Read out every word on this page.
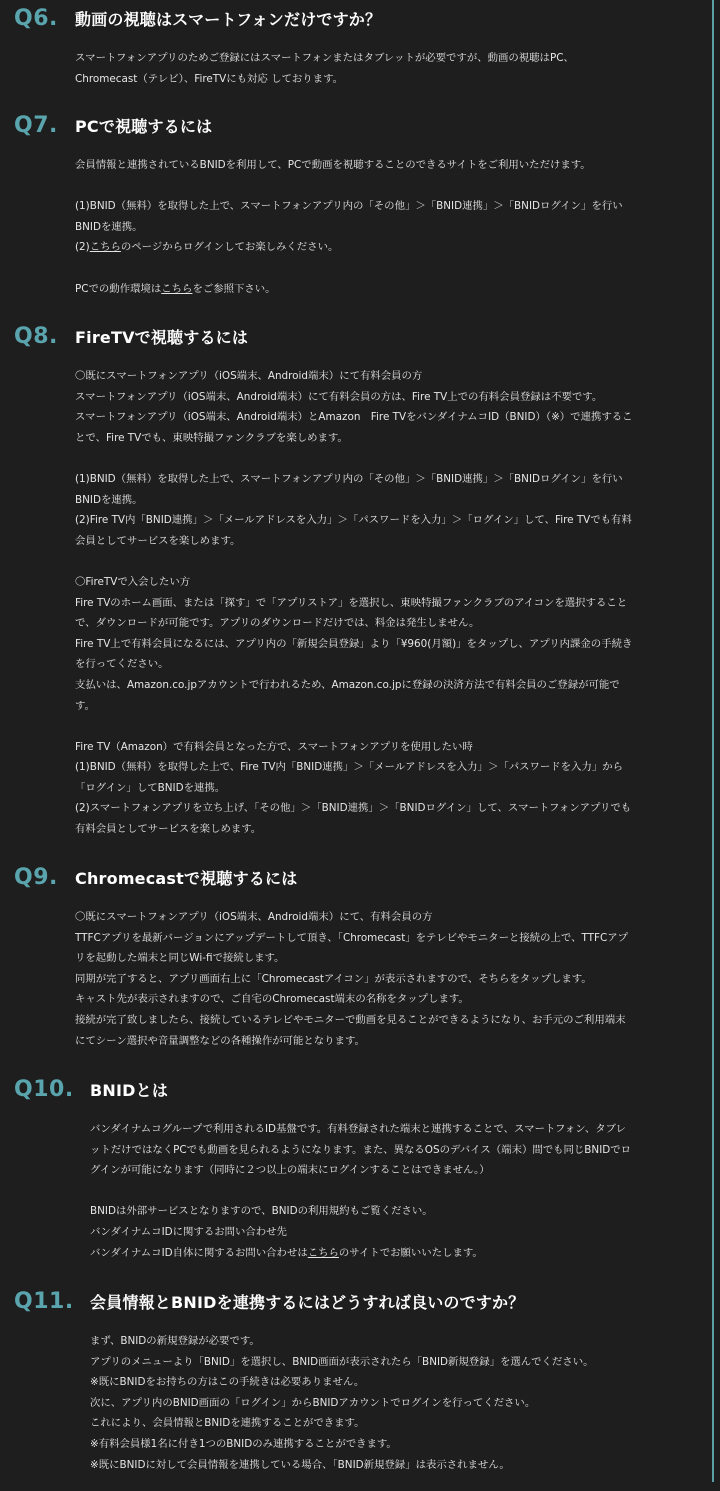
Q6.	動画の視聴はスマートフォンだけですか？

スマートフォンアプリのためご登録にはスマートフォンまたはタブレットが必要ですが、動画の視聴はPC、
Chromecast（テレビ）、FireTVにも対応 しております。

Q7.	PCで視聴するには

会員情報と連携されているBNIDを利用して、PCで動画を視聴することのできるサイトをご利用いただけます。

(1)BNID（無料）を取得した上で、スマートフォンアプリ内の「その他」＞「BNID連携」＞「BNIDログイン」を行い
BNIDを連携。

(2)こちらのページからログインしてお楽しみください。

PCでの動作環境はこちらをご参照下さい。

Q8.	FireTVで視聴するには

〇既にスマートフォンアプリ（iOS端末、Android端末）にて有料会員の方
スマートフォンアプリ（iOS端末、Android端末）にて有料会員の方は、Fire TV上での有料会員登録は不要です。
スマートフォンアプリ（iOS端末、Android端末）とAmazon　Fire TVをバンダイナムコID（BNID）（※）で連携するこ
とで、Fire TVでも、東映特撮ファンクラブを楽しめます。

(1)BNID（無料）を取得した上で、スマートフォンアプリ内の「その他」＞「BNID連携」＞「BNIDログイン」を行い
BNIDを連携。
(2)Fire TV内「BNID連携」＞「メールアドレスを入力」＞「パスワードを入力」＞「ログイン」して、Fire TVでも有料
会員としてサービスを楽しめます。

〇FireTVで入会したい方
Fire TVのホーム画面、または「探す」で「アプリストア」を選択し、東映特撮ファンクラブのアイコンを選択すること
で、ダウンロードが可能です。アプリのダウンロードだけでは、料金は発生しません。
Fire TV上で有料会員になるには、アプリ内の「新規会員登録」より「¥960(月額)」をタップし、アプリ内課金の手続き
を行ってください。
支払いは、Amazon.co.jpアカウントで行われるため、Amazon.co.jpに登録の決済方法で有料会員のご登録が可能で
す。

Fire TV（Amazon）で有料会員となった方で、スマートフォンアプリを使用したい時
(1)BNID（無料）を取得した上で、Fire TV内「BNID連携」＞「メールアドレスを入力」＞「パスワードを入力」から
「ログイン」してBNIDを連携。
(2)スマートフォンアプリを立ち上げ、「その他」＞「BNID連携」＞「BNIDログイン」して、スマートフォンアプリでも
有料会員としてサービスを楽しめます。

Q9.	Chromecastで視聴するには

〇既にスマートフォンアプリ（iOS端末、Android端末）にて、有料会員の方
TTFCアプリを最新バージョンにアップデートして頂き、「Chromecast」をテレビやモニターと接続の上で、TTFCアプ
リを起動した端末と同じWi-fiで接続します。
同期が完了すると、アプリ画面右上に「Chromecastアイコン」が表示されますので、そちらをタップします。
キャスト先が表示されますので、ご自宅のChromecast端末の名称をタップします。
接続が完了致しましたら、接続しているテレビやモニターで動画を見ることができるようになり、お手元のご利用端末
にてシーン選択や音量調整などの各種操作が可能となります。

Q10.	BNIDとは

バンダイナムコグループで利用されるID基盤です。有料登録された端末と連携することで、スマートフォン、タブレ
ットだけではなくPCでも動画を見られるようになります。また、異なるOSのデバイス（端末）間でも同じBNIDでロ
グインが可能になります（同時に２つ以上の端末にログインすることはできません。）

BNIDは外部サービスとなりますので、BNIDの利用規約もご覧ください。
バンダイナムコIDに関するお問い合わせ先

バンダイナムコID自体に関するお問い合わせはこちらのサイトでお願いいたします。

Q11.	会員情報とBNIDを連携するにはどうすれば良いのですか？

まず、BNIDの新規登録が必要です。
アプリのメニューより「BNID」を選択し、BNID画面が表示されたら「BNID新規登録」を選んでください。
※既にBNIDをお持ちの方はこの手続きは必要ありません。
次に、アプリ内のBNID画面の「ログイン」からBNIDアカウントでログインを行ってください。
これにより、会員情報とBNIDを連携することができます。
※有料会員様1名に付き1つのBNIDのみ連携することができます。
※既にBNIDに対して会員情報を連携している場合、「BNID新規登録」は表示されません。
